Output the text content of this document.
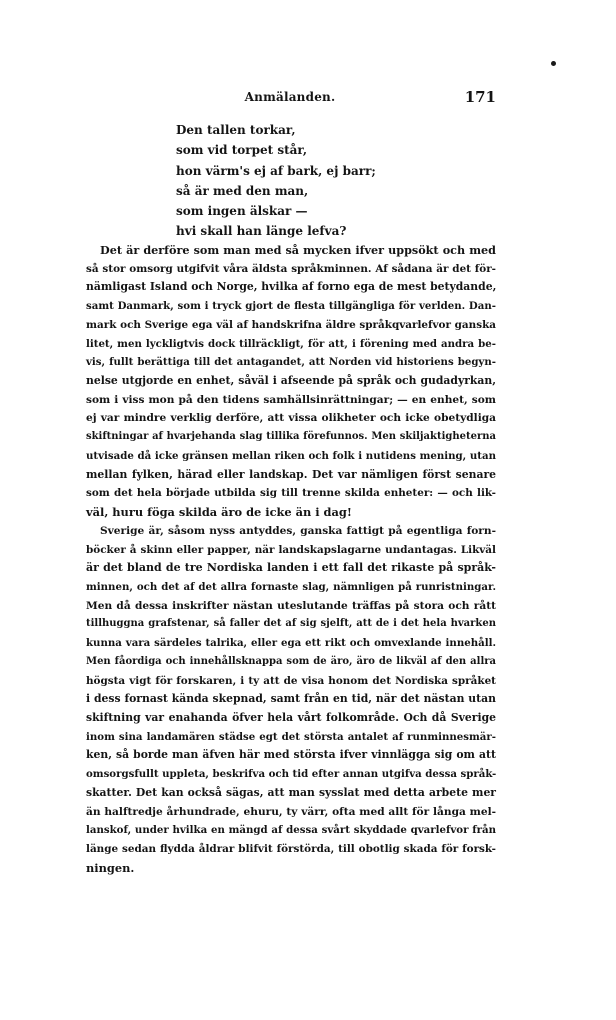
Anmälanden.	171
Den tallen torkar,
som vid torpet står,
hon värm's ej af bark, ej barr;
så är med den man,
som ingen älskar —
hvi skall han länge lefva?
Det är derföre som man med så mycken ifver uppsökt och med
så stor omsorg utgifvit våra äldsta språkminnen. Af sådana är det för-
nämligast Island och Norge, hvilka af forno ega de mest betydande,
samt Danmark, som i tryck gjort de flesta tillgängliga för verlden. Dan-
mark och Sverige ega väl af handskrifna äldre språkqvarlefvor ganska
litet, men lyckligtvis dock tillräckligt, för att, i förening med andra be-
vis, fullt berättiga till det antagandet, att Norden vid historiens begyn-
nelse utgjorde en enhet, såväl i afseende på språk och gudadyrkan,
som i viss mon på den tidens samhällsinrättningar; — en enhet, som
ej var mindre verklig derföre, att vissa olikheter och icke obetydliga
skiftningar af hvarjehanda slag tillika förefunnos. Men skiljaktigheterna
utvisade då icke gränsen mellan riken och folk i nutidens mening, utan
mellan fylken, härad eller landskap. Det var nämligen först senare
som det hela började utbilda sig till trenne skilda enheter: — och lik-
väl, huru föga skilda äro de icke än i dag!
Sverige är, såsom nyss antyddes, ganska fattigt på egentliga forn-
böcker å skinn eller papper, när landskapslagarne undantagas. Likväl
är det bland de tre Nordiska landen i ett fall det rikaste på språk-
minnen, och det af det allra fornaste slag, nämnligen på runristningar.
Men då dessa inskrifter nästan uteslutande träffas på stora och rått
tillhuggna grafstenar, så faller det af sig sjelft, att de i det hela hvarken
kunna vara särdeles talrika, eller ega ett rikt och omvexlande innehåll.
Men fåordiga och innehållsknappa som de äro, äro de likväl af den allra
högsta vigt för forskaren, i ty att de visa honom det Nordiska språket
i dess fornast kända skepnad, samt från en tid, när det nästan utan
skiftning var enahanda öfver hela vårt folkområde. Och då Sverige
inom sina landamären städse egt det största antalet af runminnesmär-
ken, så borde man äfven här med största ifver vinnlägga sig om att
omsorgsfullt uppleta, beskrifva och tid efter annan utgifva dessa språk-
skatter. Det kan också sägas, att man sysslat med detta arbete mer
än halftredje århundrade, ehuru, ty värr, ofta med allt för långa mel-
lanskof, under hvilka en mängd af dessa svårt skyddade qvarlefvor från
länge sedan flydda åldrar blifvit förstörda, till obotlig skada för forsk-
ningen.
